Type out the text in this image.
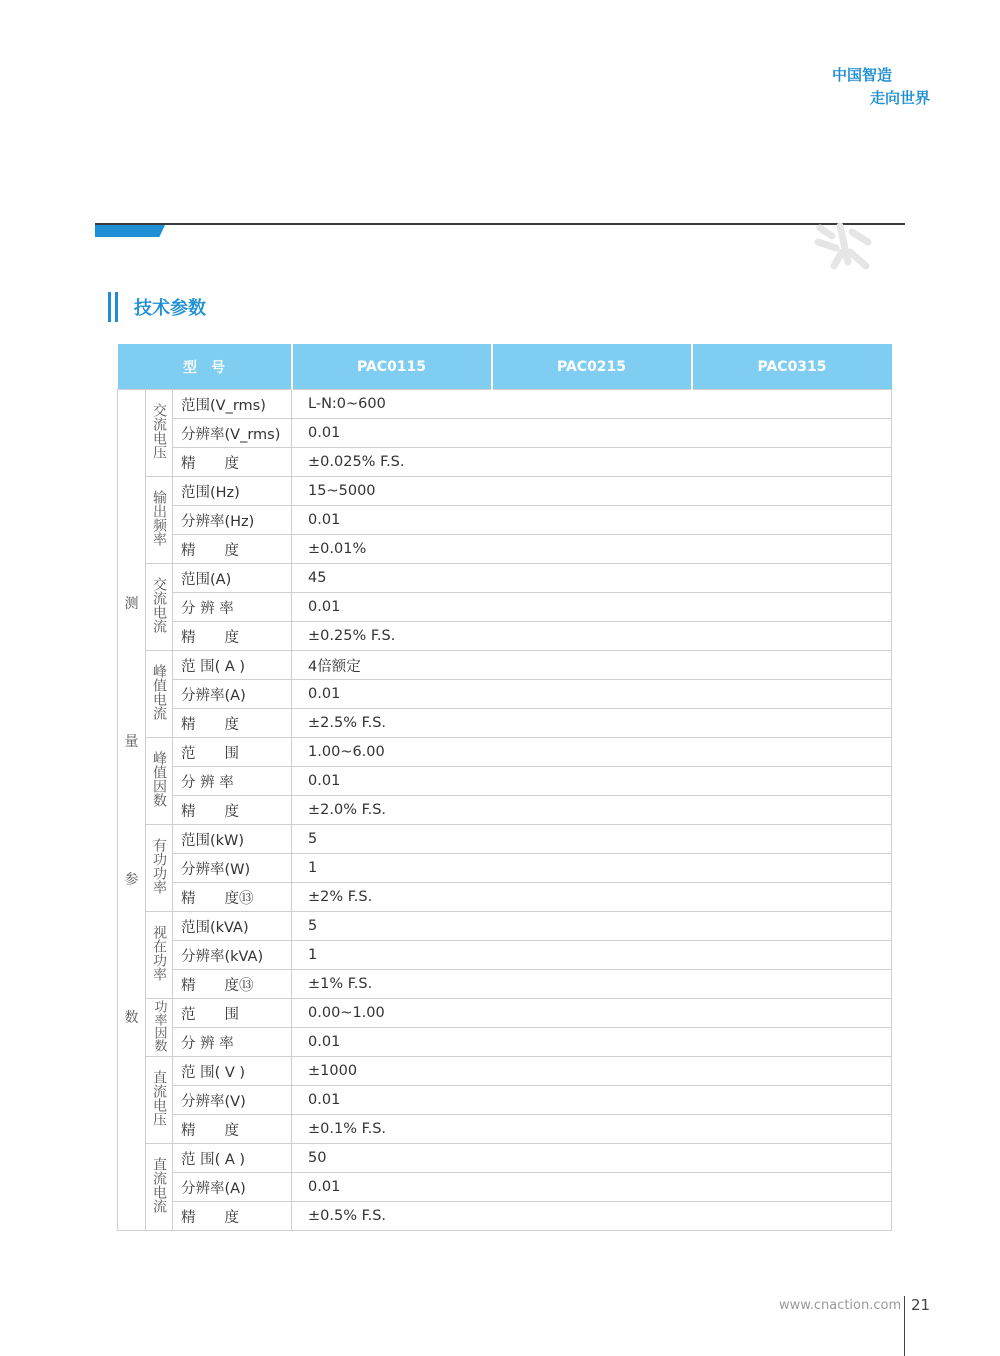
中国智造
走向世界
技术参数
型　号			PAC0115	PAC0215	PAC0315

测
量
参
数	交流电压	范围(V_rms)	L-N:0~600		
		分辨率(V_rms)	0.01		
		精　　度	±0.025% F.S.		
	输出频率	范围(Hz)	15~5000		
		分辨率(Hz)	0.01		
		精　　度	±0.01%		
	交流电流	范围(A)	45		
		分 辨 率	0.01		
		精　　度	±0.25% F.S.		
	峰值电流	范 围( A )	4倍额定		
		分辨率(A)	0.01		
		精　　度	±2.5% F.S.		
	峰值因数	范　　围	1.00~6.00		
		分 辨 率	0.01		
		精　　度	±2.0% F.S.		
	有功功率	范围(kW)	5		
		分辨率(W)	1		
		精　　度⑬	±2% F.S.		
	视在功率	范围(kVA)	5		
		分辨率(kVA)	1		
		精　　度⑬	±1% F.S.		
	功率因数	范　　围	0.00~1.00		
		分 辨 率	0.01		
	直流电压	范 围( V )	±1000		
		分辨率(V)	0.01		
		精　　度	±0.1% F.S.		
	直流电流	范 围( A )	50		
		分辨率(A)	0.01		
		精　　度	±0.5% F.S.		
www.cnaction.com 21
